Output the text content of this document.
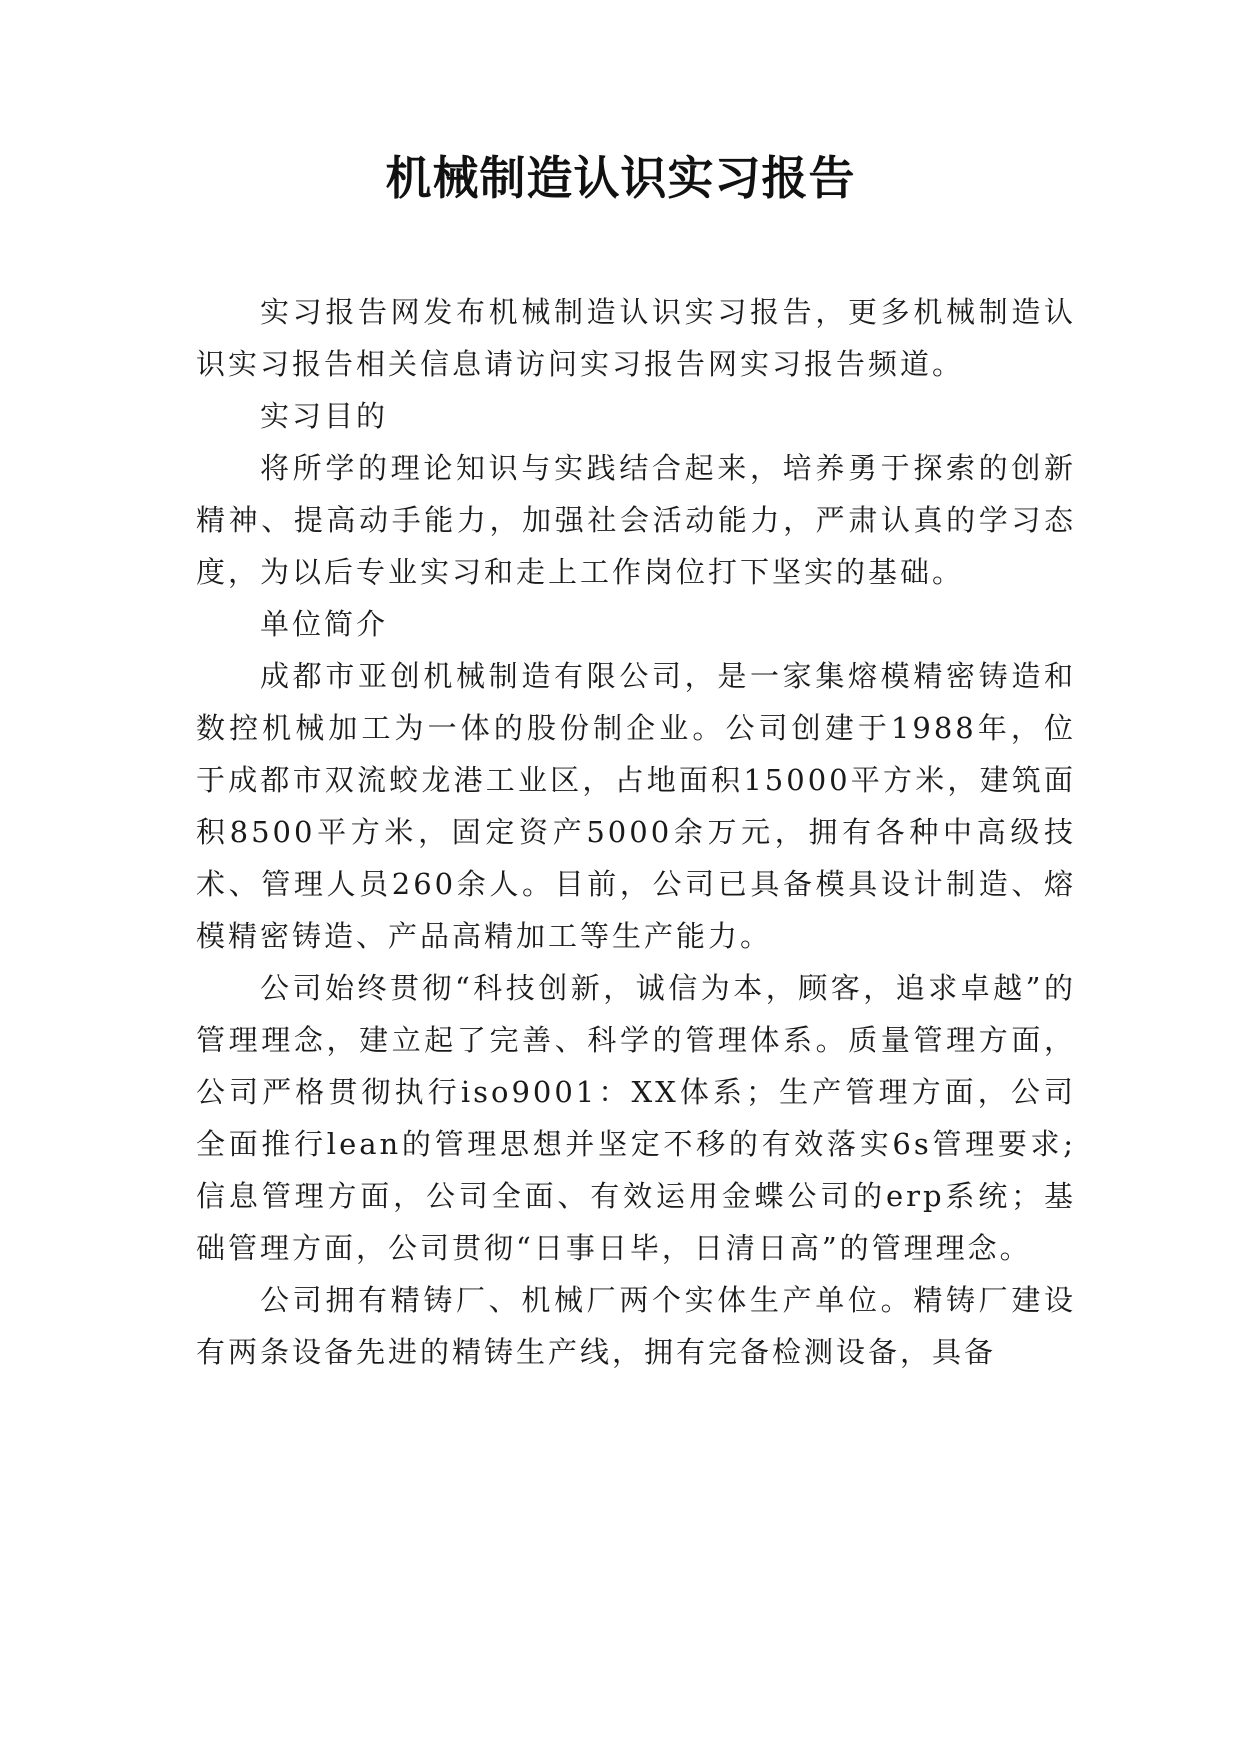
机械制造认识实习报告

实习报告网发布机械制造认识实习报告，更多机械制造认识实习报告相关信息请访问实习报告网实习报告频道。

实习目的

将所学的理论知识与实践结合起来，培养勇于探索的创新精神、提高动手能力，加强社会活动能力，严肃认真的学习态度，为以后专业实习和走上工作岗位打下坚实的基础。

单位简介

成都市亚创机械制造有限公司，是一家集熔模精密铸造和数控机械加工为一体的股份制企业。公司创建于1988年，位于成都市双流蛟龙港工业区，占地面积15000平方米，建筑面积8500平方米，固定资产5000余万元，拥有各种中高级技术、管理人员260余人。目前，公司已具备模具设计制造、熔模精密铸造、产品高精加工等生产能力。

公司始终贯彻“科技创新，诚信为本，顾客，追求卓越”的管理理念，建立起了完善、科学的管理体系。质量管理方面，公司严格贯彻执行iso9001：XX体系；生产管理方面，公司全面推行lean的管理思想并坚定不移的有效落实6s管理要求;信息管理方面，公司全面、有效运用金蝶公司的erp系统；基础管理方面，公司贯彻“日事日毕，日清日高”的管理理念。

公司拥有精铸厂、机械厂两个实体生产单位。精铸厂建设有两条设备先进的精铸生产线，拥有完备检测设备，具备
